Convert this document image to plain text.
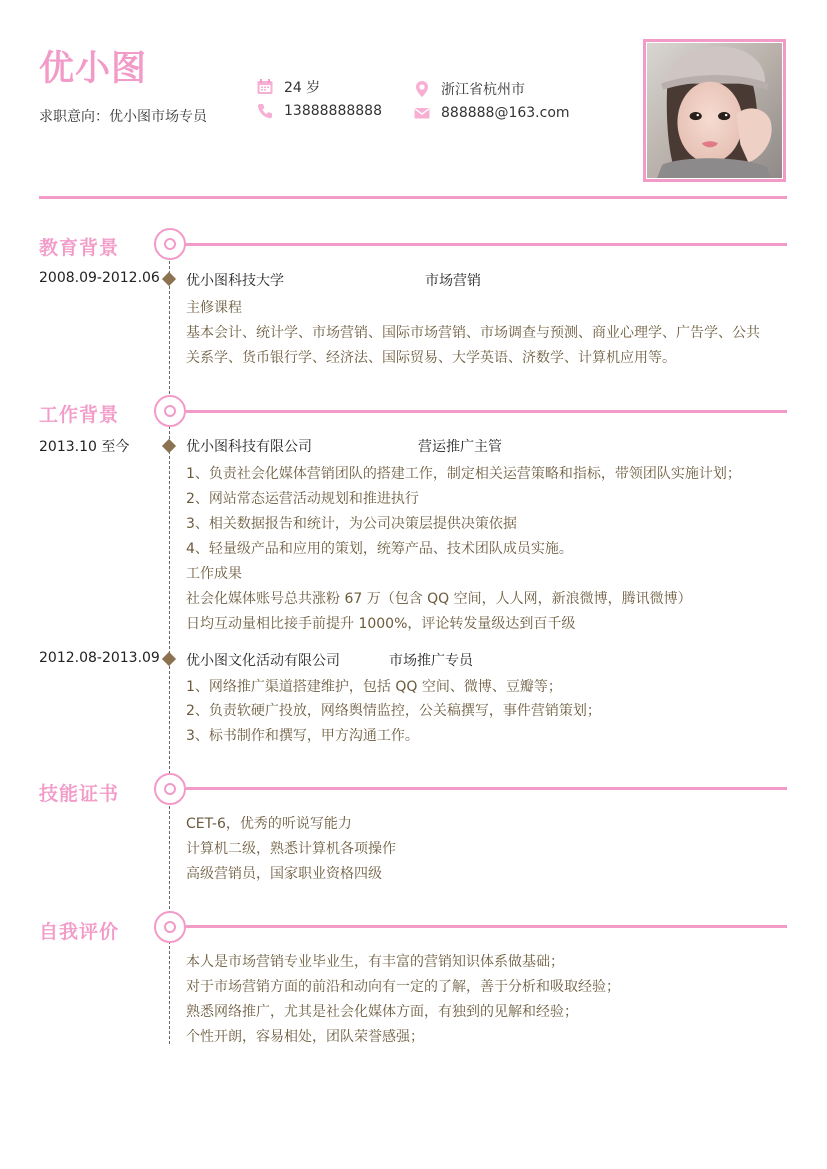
优小图
求职意向：优小图市场专员
24 岁
13888888888
浙江省杭州市
888888@163.com
教育背景
2008.09-2012.06 优小图科技大学	市场营销
主修课程
基本会计、统计学、市场营销、国际市场营销、市场调查与预测、商业心理学、广告学、公共
关系学、货币银行学、经济法、国际贸易、大学英语、济数学、计算机应用等。
工作背景
2013.10 至今	优小图科技有限公司	营运推广主管
1、负责社会化媒体营销团队的搭建工作，制定相关运营策略和指标，带领团队实施计划；
2、网站常态运营活动规划和推进执行
3、相关数据报告和统计，为公司决策层提供决策依据
4、轻量级产品和应用的策划，统筹产品、技术团队成员实施。
工作成果
社会化媒体账号总共涨粉 67 万（包含 QQ 空间，人人网，新浪微博，腾讯微博）
日均互动量相比接手前提升 1000%，评论转发量级达到百千级
2012.08-2013.09 优小图文化活动有限公司	市场推广专员
1、网络推广渠道搭建维护，包括 QQ 空间、微博、豆瓣等；
2、负责软硬广投放，网络舆情监控，公关稿撰写，事件营销策划；
3、标书制作和撰写，甲方沟通工作。
技能证书
CET-6，优秀的听说写能力
计算机二级，熟悉计算机各项操作
高级营销员，国家职业资格四级
自我评价
本人是市场营销专业毕业生，有丰富的营销知识体系做基础；
对于市场营销方面的前沿和动向有一定的了解，善于分析和吸取经验；
熟悉网络推广，尤其是社会化媒体方面，有独到的见解和经验；
个性开朗，容易相处，团队荣誉感强；
